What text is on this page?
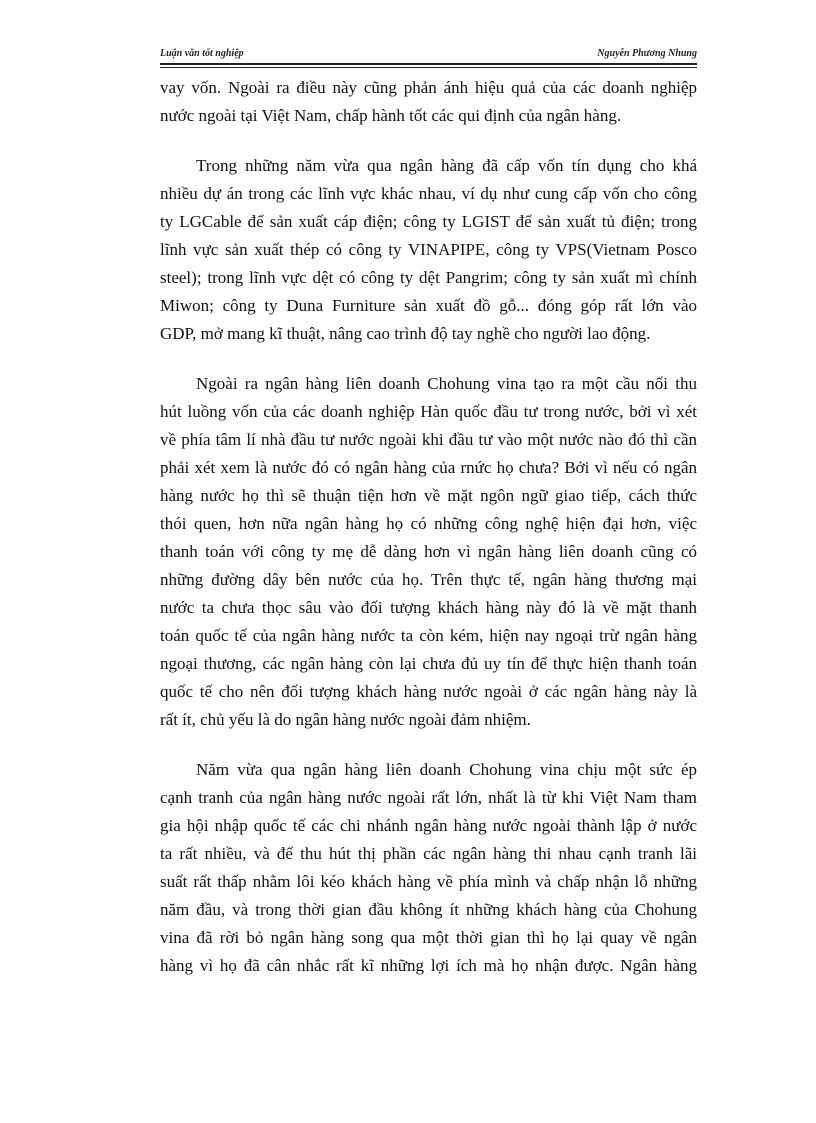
Luận văn tốt nghiệp	Nguyễn Phương Nhung
vay vốn. Ngoài ra điều này cũng phản ánh hiệu quả của các doanh nghiệp
nước ngoài tại Việt Nam, chấp hành tốt các qui định của ngân hàng.
Trong những năm vừa qua ngân hàng đã cấp vốn tín dụng cho khá
nhiều dự án trong các lĩnh vực khác nhau, ví dụ như cung cấp vốn cho công
ty LGCable để sản xuất cáp điện; công ty LGIST để sản xuất tủ điện; trong
lĩnh vực sản xuất thép có công ty VINAPIPE, công ty VPS(Vietnam Posco
steel); trong lĩnh vực dệt có công ty dệt Pangrim; công ty sản xuất mì chính
Miwon; công ty Duna Furniture sản xuất đồ gỗ... đóng góp rất lớn vào
GDP, mở mang kĩ thuật, nâng cao trình độ tay nghề cho người lao động.
Ngoài ra ngân hàng liên doanh Chohung vina tạo ra một cầu nối thu
hút luồng vốn của các doanh nghiệp Hàn quốc đầu tư trong nước, bởi vì xét
về phía tâm lí nhà đầu tư nước ngoài khi đầu tư vào một nước nào đó thì cần
phải xét xem là nước đó có ngân hàng của rnức họ chưa? Bởi vì nếu có ngân
hàng nước họ thì sẽ thuận tiện hơn về mặt ngôn ngữ giao tiếp, cách thức
thói quen, hơn nữa ngân hàng họ có những công nghệ hiện đại hơn, việc
thanh toán với công ty mẹ dễ dàng hơn vì ngân hàng liên doanh cũng có
những đường dây bên nước của họ. Trên thực tế, ngân hàng thương mại
nước ta chưa thọc sâu vào đối tượng khách hàng này đó là về mặt thanh
toán quốc tế của ngân hàng nước ta còn kém, hiện nay ngoại trừ ngân hàng
ngoại thương, các ngân hàng còn lại chưa đủ uy tín để thực hiện thanh toán
quốc tế cho nên đối tượng khách hàng nước ngoài ở các ngân hàng này là
rất ít, chủ yếu là do ngân hàng nước ngoài đảm nhiệm.
Năm vừa qua ngân hàng liên doanh Chohung vina chịu một sức ép
cạnh tranh của ngân hàng nước ngoài rất lớn, nhất là từ khi Việt Nam tham
gia hội nhập quốc tế các chi nhánh ngân hàng nước ngoài thành lập ở nước
ta rất nhiều, và để thu hút thị phần các ngân hàng thi nhau cạnh tranh lãi
suất rất thấp nhằm lôi kéo khách hàng về phía mình và chấp nhận lỗ những
năm đầu, và trong thời gian đầu không ít những khách hàng của Chohung
vina đã rời bỏ ngân hàng song qua một thời gian thì họ lại quay về ngân
hàng vì họ đã cân nhắc rất kĩ những lợi ích mà họ nhận được. Ngân hàng
